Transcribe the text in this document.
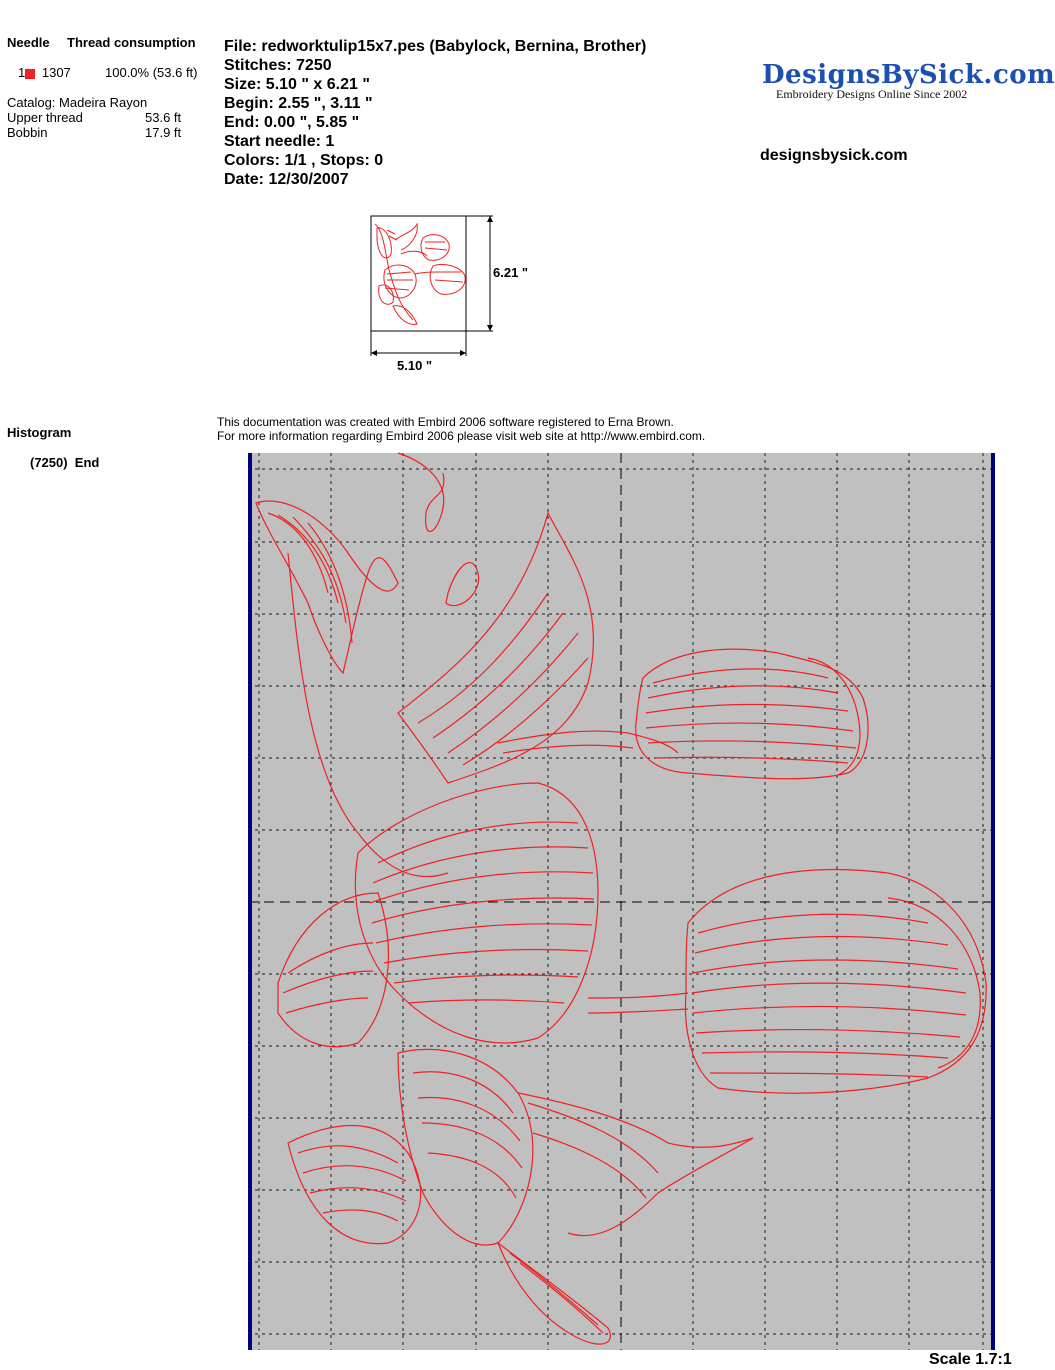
Needle Thread consumption
1 1307	100.0% (53.6 ft)
Catalog: Madeira Rayon
Upper thread	53.6 ft
Bobbin	17.9 ft
Histogram
(7250)  End
File: redworktulip15x7.pes (Babylock, Bernina, Brother)
Stitches: 7250
Size: 5.10 " x 6.21 "
Begin: 2.55 ", 3.11 "
End: 0.00 ", 5.85 "
Start needle: 1
Colors: 1/1 , Stops: 0
Date: 12/30/2007
DesignsBySick.com
Embroidery Designs Online Since 2002
designsbysick.com
6.21 "
5.10 "
This documentation was created with Embird 2006 software registered to Erna Brown.
For more information regarding Embird 2006 please visit web site at http://www.embird.com.
Scale 1.7:1
